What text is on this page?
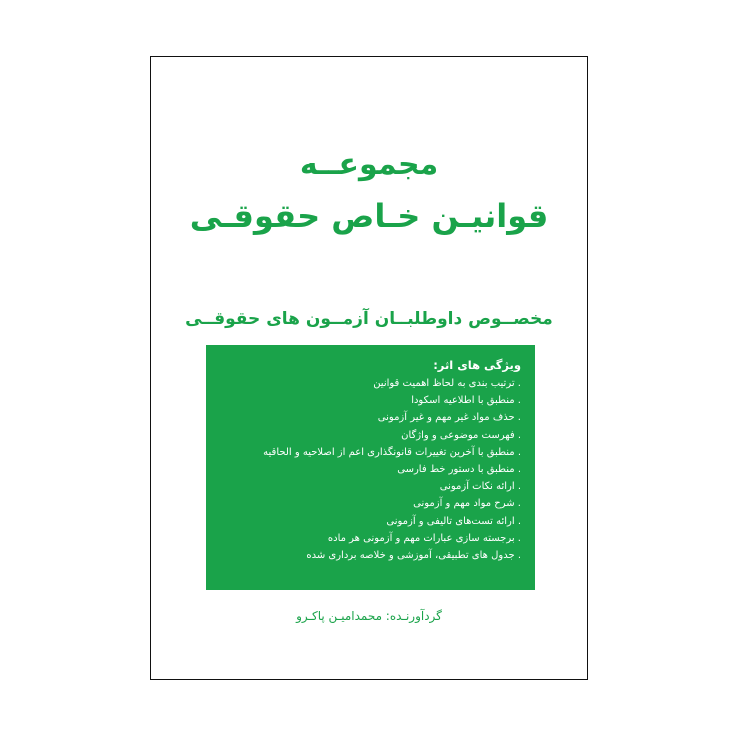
مجموعــه
قوانیـن خـاص حقوقـی
مخصــوص داوطلبــان آزمــون های حقوقــی
ویژگی های اثر:
. ترتیب بندی به لحاظ اهمیت قوانین
. منطبق با اطلاعیه اسکودا
. حذف مواد غیر مهم و غیر آزمونی
. فهرست موضوعی و واژگان
. منطبق با آخرین تغییرات قانونگذاری اعم از اصلاحیه و الحاقیه
. منطبق با دستور خط فارسی
. ارائه نکات آزمونی
. شرح مواد مهم و آزمونی
. ارائه تست‌های تالیفی و آزمونی
. برجسته سازی عبارات مهم و آزمونی هر ماده
. جدول های تطبیقی، آموزشی و خلاصه برداری شده
گردآورنـده: محمدامیـن پاکـرو
